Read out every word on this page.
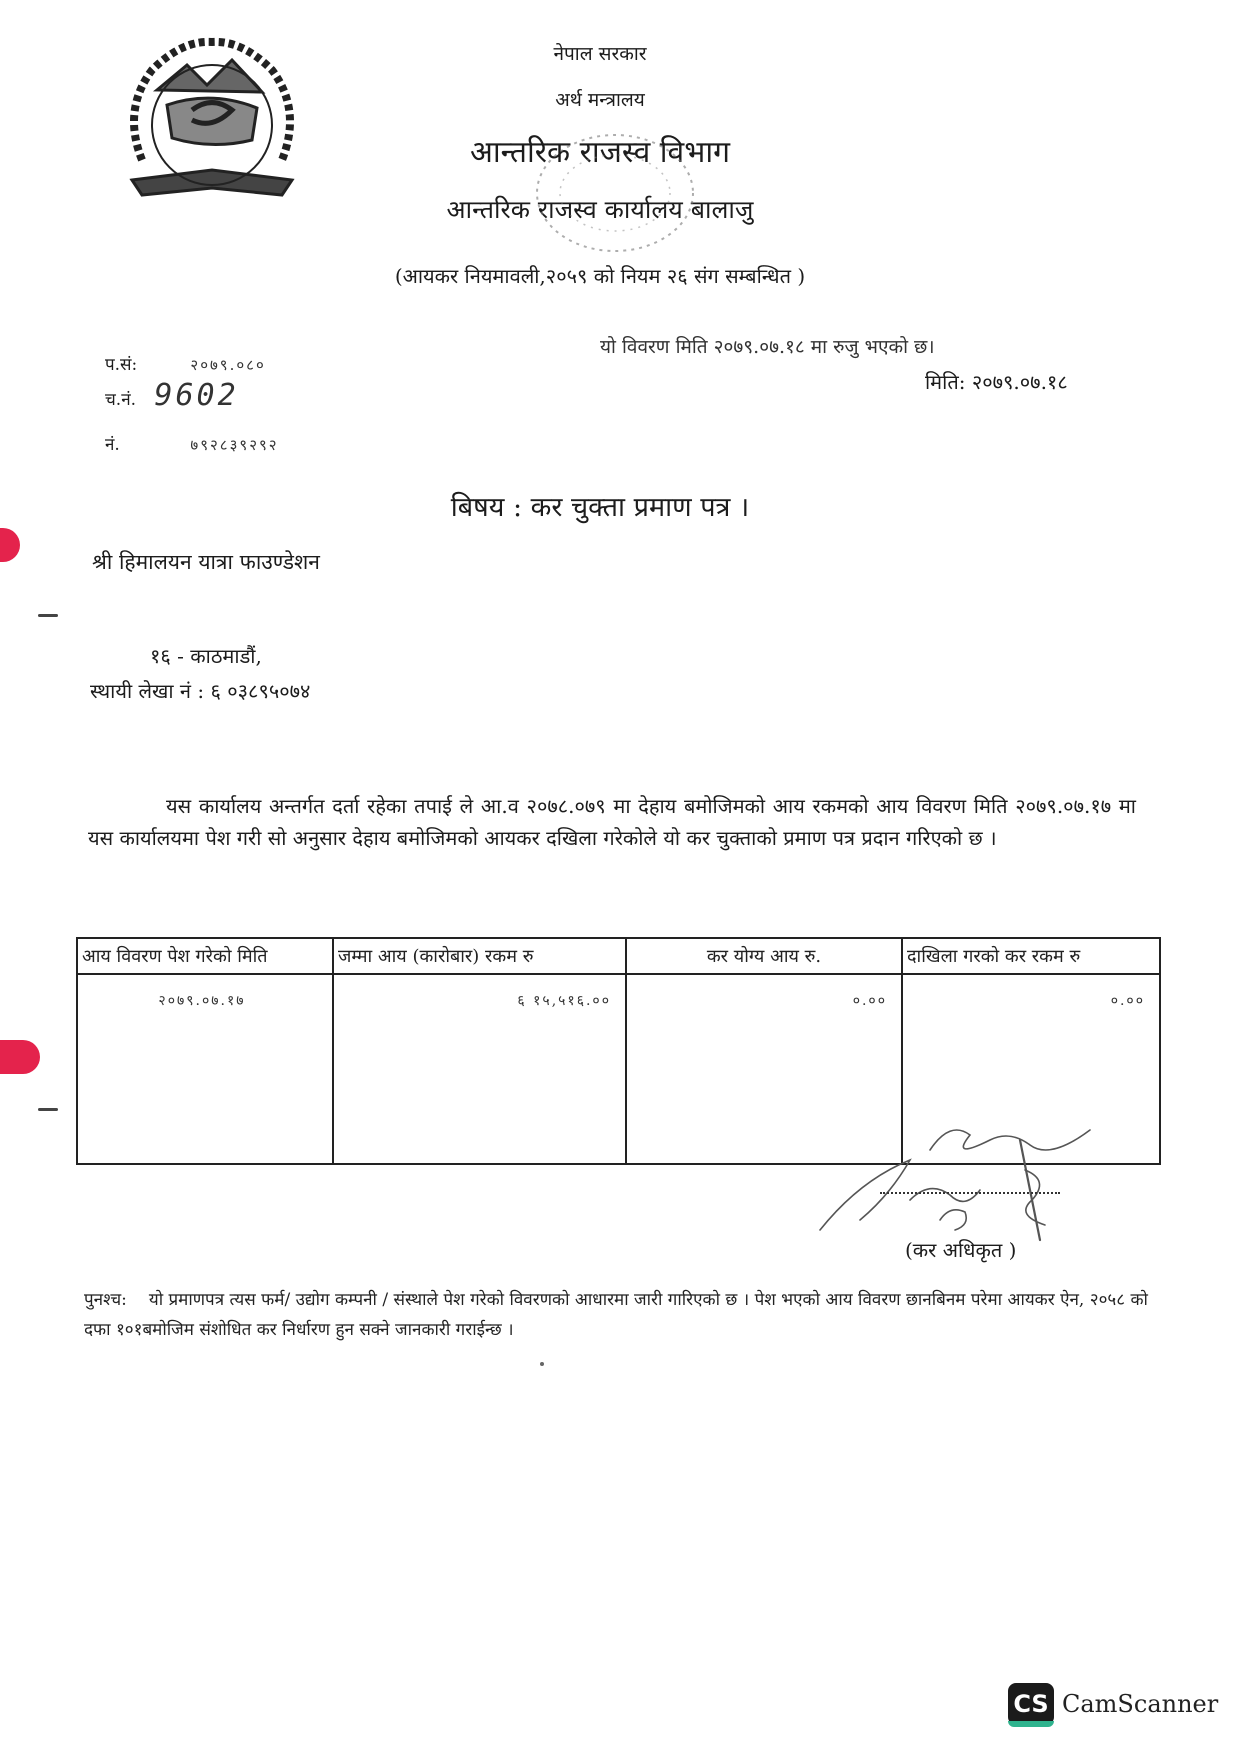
नेपाल सरकार
अर्थ मन्त्रालय
आन्तरिक राजस्व विभाग
आन्तरिक राजस्व कार्यालय बालाजु
(आयकर नियमावली,२०५९ को नियम २६ संग सम्बन्धित )
यो विवरण मिति २०७९.०७.१८ मा रुजु भएको छ।
मिति: २०७९.०७.१८
प.सं:	२०७९.०८०
च.नं. 9602
नं.	७९२८३९२९२
बिषय : कर चुक्ता प्रमाण पत्र ।
श्री हिमालयन यात्रा फाउण्डेशन
१६ - काठमाडौं,
स्थायी लेखा नं : ६ ०३८९५०७४
यस कार्यालय अन्तर्गत दर्ता रहेका तपाई ले आ.व २०७८.०७९ मा देहाय बमोजिमको आय रकमको आय विवरण मिति २०७९.०७.१७ मा यस कार्यालयमा पेश गरी सो अनुसार देहाय बमोजिमको आयकर दखिला गरेकोले यो कर चुक्ताको प्रमाण पत्र प्रदान गरिएको छ ।
आय विवरण पेश गरेको मिति	जम्मा आय (कारोबार) रकम रु	कर योग्य आय रु.	दाखिला गरको कर रकम रु
२०७९.०७.१७	६ १५,५१६.००	०.००	०.००
(कर अधिकृत )
पुनश्च: यो प्रमाणपत्र त्यस फर्म/ उद्योग कम्पनी / संस्थाले पेश गरेको विवरणको आधारमा जारी गारिएको छ । पेश भएको आय विवरण छानबिनम परेमा आयकर ऐन, २०५८ को दफा १०१बमोजिम संशोधित कर निर्धारण हुन सक्ने जानकारी गराईन्छ ।
CS CamScanner
